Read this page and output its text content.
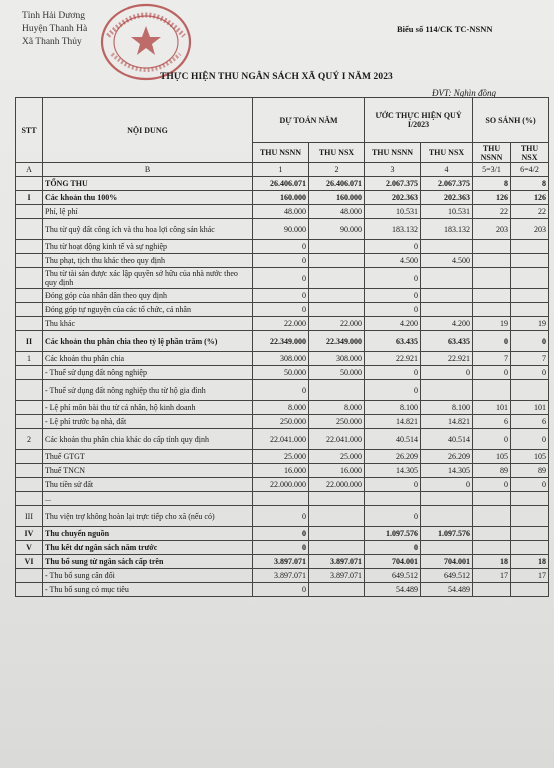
Tỉnh Hải Dương
Huyện Thanh Hà
Xã Thanh Thủy
Biểu số 114/CK TC-NSNN
THỰC HIỆN THU NGÂN SÁCH XÃ QUÝ I NĂM 2023
ĐVT: Nghìn đồng
STT	NỘI DUNG	DỰ TOÁN NĂM		ƯỚC THỰC HIỆN QUÝ I/2023		SO SÁNH (%)	
		THU NSNN	THU NSX	THU NSNN	THU NSX	THU NSNN	THU NSX
A	B	1	2	3	4	5=3/1	6=4/2
	TỔNG THU	26.406.071	26.406.071	2.067.375	2.067.375	8	8
I	Các khoản thu 100%	160.000	160.000	202.363	202.363	126	126
	Phí, lệ phí	48.000	48.000	10.531	10.531	22	22
	Thu từ quỹ đất công ích và thu hoa lợi công sản khác	90.000	90.000	183.132	183.132	203	203
	Thu từ hoạt động kinh tế và sự nghiệp	0		0			
	Thu phạt, tịch thu khác theo quy định	0		4.500	4.500		
	Thu từ tài sản được xác lập quyền sở hữu của nhà nước theo quy định	0		0			
	Đóng góp của nhân dân theo quy định	0		0			
	Đóng góp tự nguyện của các tổ chức, cá nhân	0		0			
	Thu khác	22.000	22.000	4.200	4.200	19	19
II	Các khoản thu phân chia theo tỷ lệ phần trăm (%)	22.349.000	22.349.000	63.435	63.435	0	0
1	Các khoản thu phân chia	308.000	308.000	22.921	22.921	7	7
	- Thuế sử dụng đất nông nghiệp	50.000	50.000	0	0	0	0
	- Thuế sử dụng đất nông nghiệp thu từ hộ gia đình	0		0			
	- Lệ phí môn bài thu từ cá nhân, hộ kinh doanh	8.000	8.000	8.100	8.100	101	101
	- Lệ phí trước bạ nhà, đất	250.000	250.000	14.821	14.821	6	6
2	Các khoản thu phân chia khác do cấp tỉnh quy định	22.041.000	22.041.000	40.514	40.514	0	0
	Thuế GTGT	25.000	25.000	26.209	26.209	105	105
	Thuế TNCN	16.000	16.000	14.305	14.305	89	89
	Thu tiền sử đất	22.000.000	22.000.000	0	0	0	0
	...						
III	Thu viện trợ không hoàn lại trực tiếp cho xã (nếu có)	0		0			
IV	Thu chuyển nguồn	0		1.097.576	1.097.576		
V	Thu kết dư ngân sách năm trước	0		0			
VI	Thu bổ sung từ ngân sách cấp trên	3.897.071	3.897.071	704.001	704.001	18	18
	- Thu bổ sung cân đối	3.897.071	3.897.071	649.512	649.512	17	17
	- Thu bổ sung có mục tiêu	0		54.489	54.489		
